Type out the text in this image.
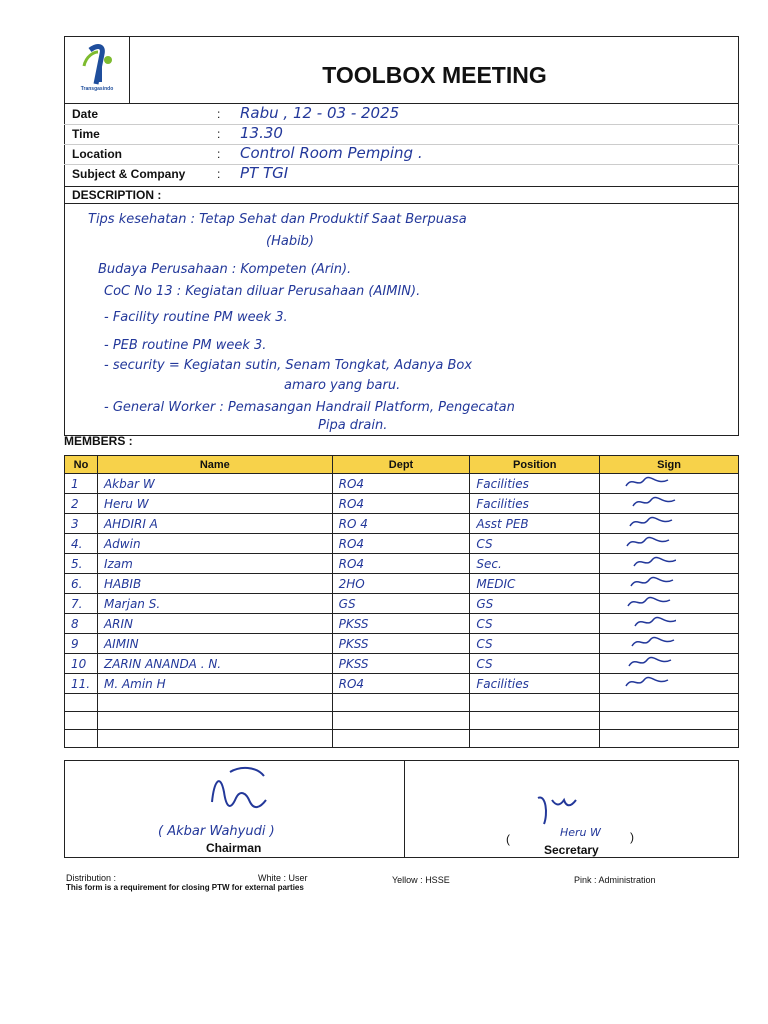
Transgasindo
TOOLBOX MEETING
Date	: Rabu , 12 - 03 - 2025
Time	: 13.30
Location	: Control Room Pemping .
Subject & Company	: PT TGI
DESCRIPTION :
Tips kesehatan : Tetap Sehat dan Produktif Saat Berpuasa
(Habib)
Budaya Perusahaan : Kompeten (Arin).
CoC No 13 : Kegiatan diluar Perusahaan (AIMIN).
- Facility routine PM week 3.
- PEB routine PM week 3.
- security = Kegiatan sutin, Senam Tongkat, Adanya Box
amaro yang baru.
- General Worker : Pemasangan Handrail Platform, Pengecatan
Pipa drain.
MEMBERS :
No	Name	Dept	Position	Sign
1	Akbar W	RO4	Facilities	
2	Heru W	RO4	Facilities	
3	AHDIRI A	RO 4	Asst PEB	
4.	Adwin	RO4	CS	
5.	Izam	RO4	Sec.	
6.	HABIB	2HO	MEDIC	
7.	Marjan S.	GS	GS	
8	ARIN	PKSS	CS	
9	AIMIN	PKSS	CS	
10	ZARIN ANANDA . N.	PKSS	CS	
11.	M. Amin H	RO4	Facilities	

( Akbar Wahyudi )
Chairman
(	Heru W )
Secretary
Distribution :	White : User	Yellow : HSSE	Pink : Administration
This form is a requirement for closing PTW for external parties
